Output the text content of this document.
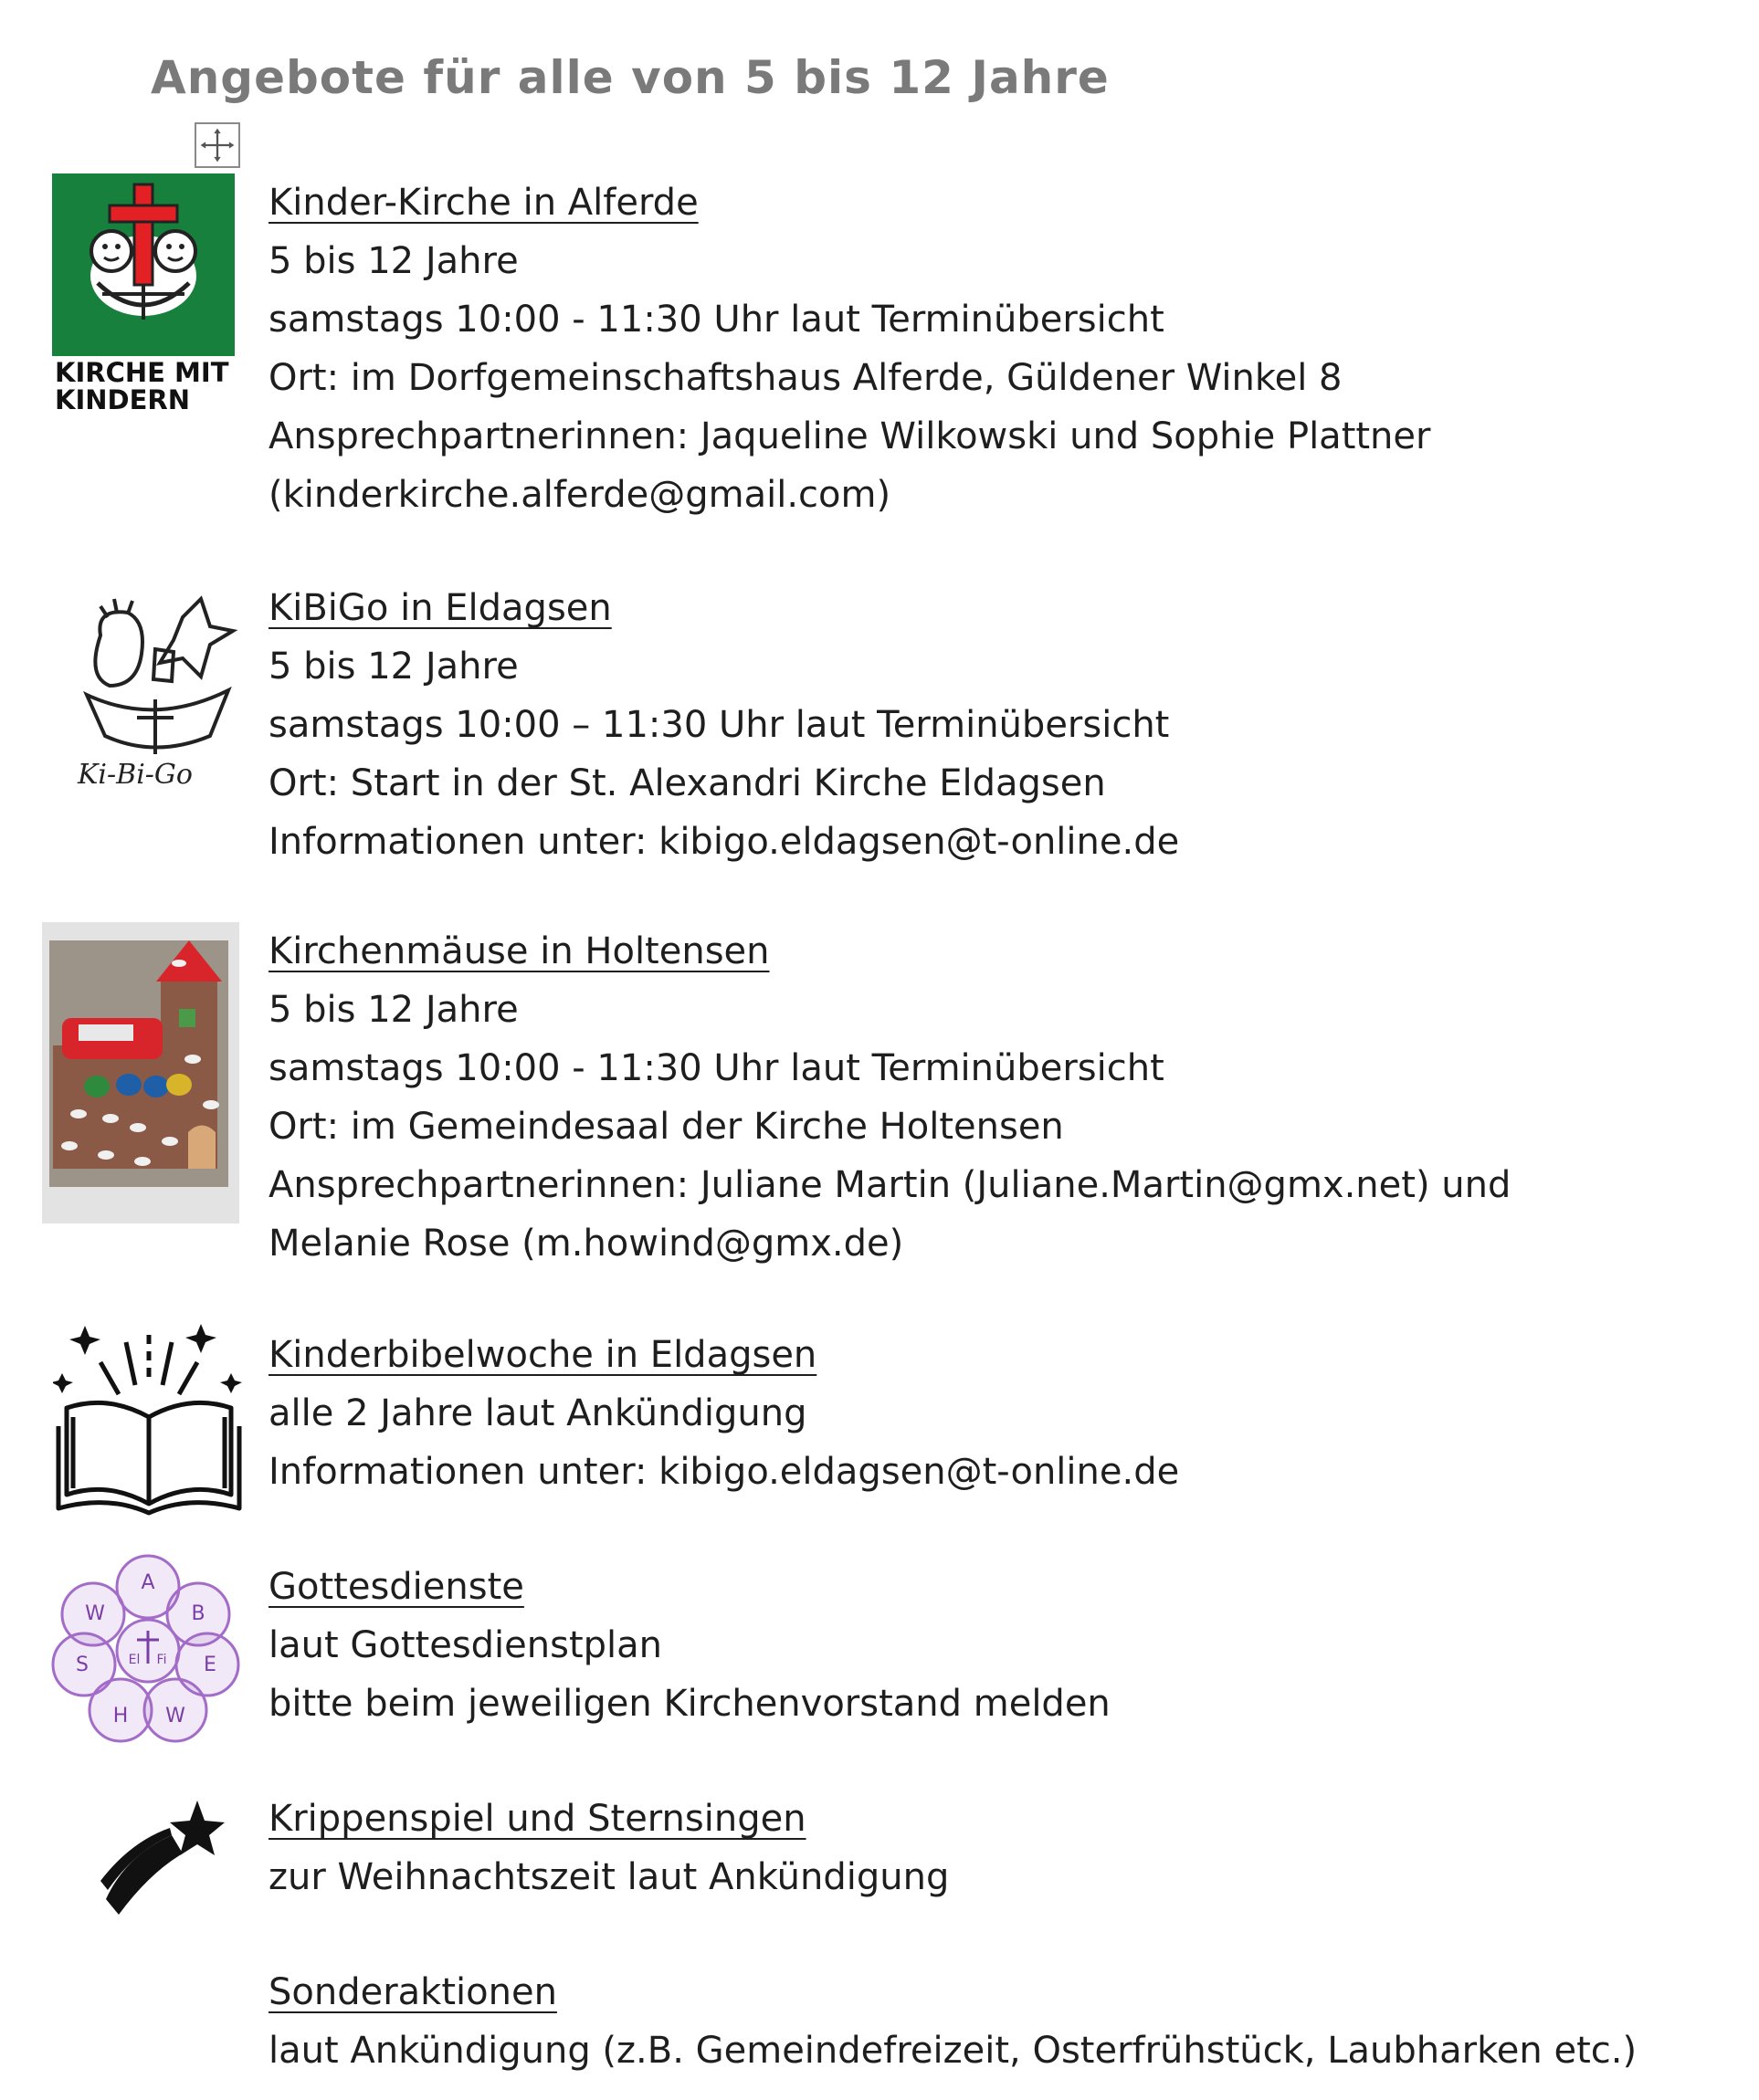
Angebote für alle von 5 bis 12 Jahre
KIRCHE MIT
KINDERN

Kinder-Kirche in Alferde

5 bis 12 Jahre

samstags 10:00 - 11:30 Uhr laut Terminübersicht

Ort: im Dorfgemeinschaftshaus Alferde, Güldener Winkel 8

Ansprechpartnerinnen: Jaqueline Wilkowski und Sophie Plattner

(kinderkirche.alferde@gmail.com)

Ki-Bi-Go

KiBiGo in Eldagsen

5 bis 12 Jahre

samstags 10:00 – 11:30 Uhr laut Terminübersicht

Ort: Start in der St. Alexandri Kirche Eldagsen

Informationen unter: kibigo.eldagsen@t-online.de

Kirchenmäuse in Holtensen

5 bis 12 Jahre

samstags 10:00 - 11:30 Uhr laut Terminübersicht

Ort: im Gemeindesaal der Kirche Holtensen

Ansprechpartnerinnen: Juliane Martin (Juliane.Martin@gmx.net) und

Melanie Rose (m.howind@gmx.de)

Kinderbibelwoche in Eldagsen

alle 2 Jahre laut Ankündigung

Informationen unter: kibigo.eldagsen@t-online.de

A
B
E
W
H
S
W
El Fi

Gottesdienste

laut Gottesdienstplan

bitte beim jeweiligen Kirchenvorstand melden

Krippenspiel und Sternsingen

zur Weihnachtszeit laut Ankündigung

Sonderaktionen

laut Ankündigung (z.B. Gemeindefreizeit, Osterfrühstück, Laubharken etc.)
